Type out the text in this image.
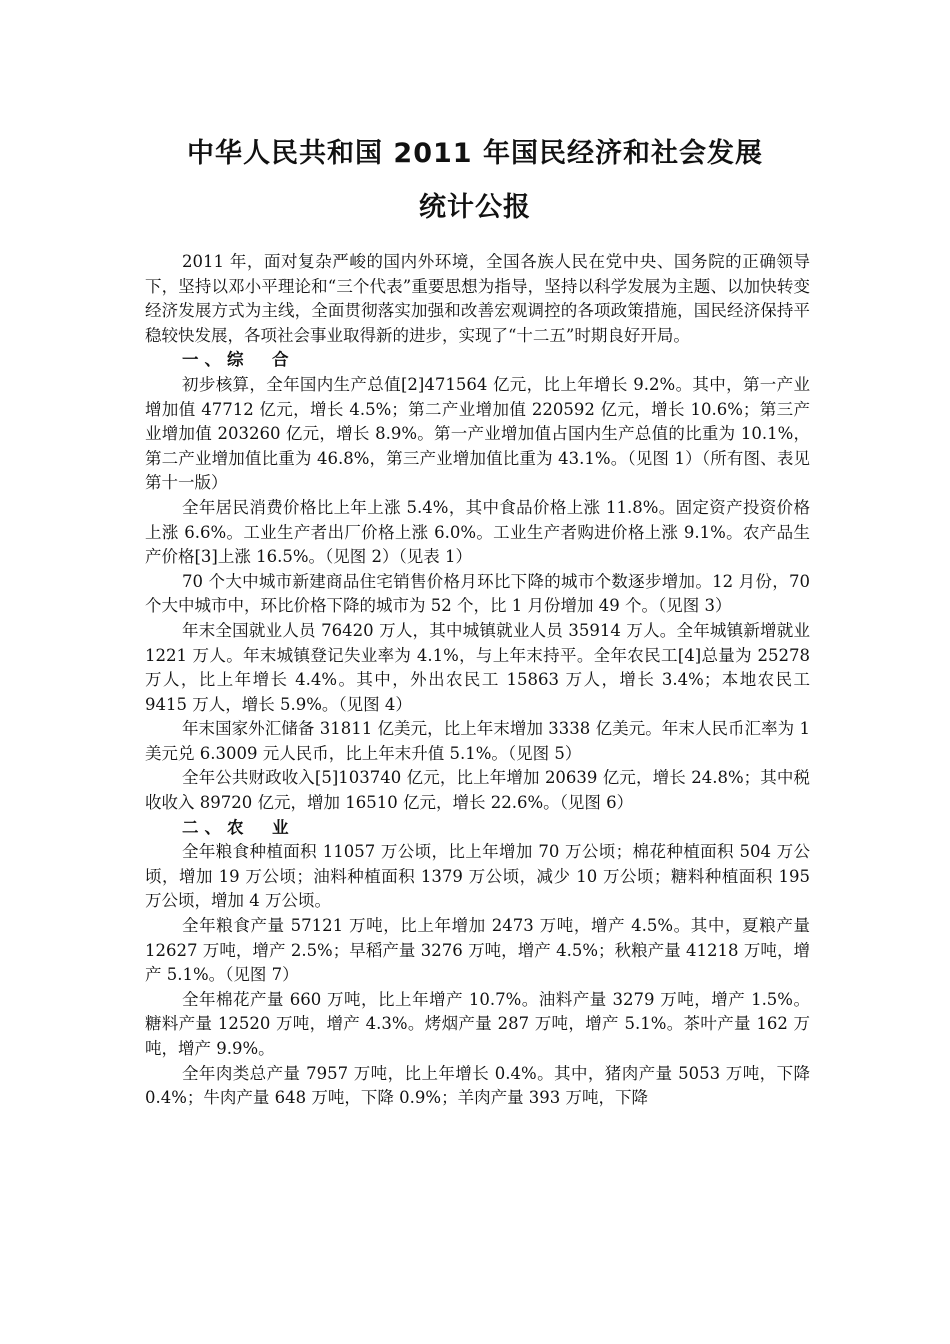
中华人民共和国 2011 年国民经济和社会发展
统计公报

2011 年，面对复杂严峻的国内外环境，全国各族人民在党中央、国务院的正确领导下，坚持以邓小平理论和“三个代表”重要思想为指导，坚持以科学发展为主题、以加快转变经济发展方式为主线，全面贯彻落实加强和改善宏观调控的各项政策措施，国民经济保持平稳较快发展，各项社会事业取得新的进步，实现了“十二五”时期良好开局。

一、综　合

初步核算，全年国内生产总值[2]471564 亿元，比上年增长 9.2%。其中，第一产业增加值 47712 亿元，增长 4.5%；第二产业增加值 220592 亿元，增长 10.6%；第三产业增加值 203260 亿元，增长 8.9%。第一产业增加值占国内生产总值的比重为 10.1%，第二产业增加值比重为 46.8%，第三产业增加值比重为 43.1%。（见图 1）（所有图、表见第十一版）

全年居民消费价格比上年上涨 5.4%，其中食品价格上涨 11.8%。固定资产投资价格上涨 6.6%。工业生产者出厂价格上涨 6.0%。工业生产者购进价格上涨 9.1%。农产品生产价格[3]上涨 16.5%。（见图 2）（见表 1）

70 个大中城市新建商品住宅销售价格月环比下降的城市个数逐步增加。12 月份，70 个大中城市中，环比价格下降的城市为 52 个，比 1 月份增加 49 个。（见图 3）

年末全国就业人员 76420 万人，其中城镇就业人员 35914 万人。全年城镇新增就业 1221 万人。年末城镇登记失业率为 4.1%，与上年末持平。全年农民工[4]总量为 25278 万人，比上年增长 4.4%。其中，外出农民工 15863 万人，增长 3.4%；本地农民工 9415 万人，增长 5.9%。（见图 4）

年末国家外汇储备 31811 亿美元，比上年末增加 3338 亿美元。年末人民币汇率为 1 美元兑 6.3009 元人民币，比上年末升值 5.1%。（见图 5）

全年公共财政收入[5]103740 亿元，比上年增加 20639 亿元，增长 24.8%；其中税收收入 89720 亿元，增加 16510 亿元，增长 22.6%。（见图 6）

二、农　业

全年粮食种植面积 11057 万公顷，比上年增加 70 万公顷；棉花种植面积 504 万公顷，增加 19 万公顷；油料种植面积 1379 万公顷，减少 10 万公顷；糖料种植面积 195 万公顷，增加 4 万公顷。

全年粮食产量 57121 万吨，比上年增加 2473 万吨，增产 4.5%。其中，夏粮产量 12627 万吨，增产 2.5%；早稻产量 3276 万吨，增产 4.5%；秋粮产量 41218 万吨，增产 5.1%。（见图 7）

全年棉花产量 660 万吨，比上年增产 10.7%。油料产量 3279 万吨，增产 1.5%。糖料产量 12520 万吨，增产 4.3%。烤烟产量 287 万吨，增产 5.1%。茶叶产量 162 万吨，增产 9.9%。

全年肉类总产量 7957 万吨，比上年增长 0.4%。其中，猪肉产量 5053 万吨，下降 0.4%；牛肉产量 648 万吨，下降 0.9%；羊肉产量 393 万吨，下降
